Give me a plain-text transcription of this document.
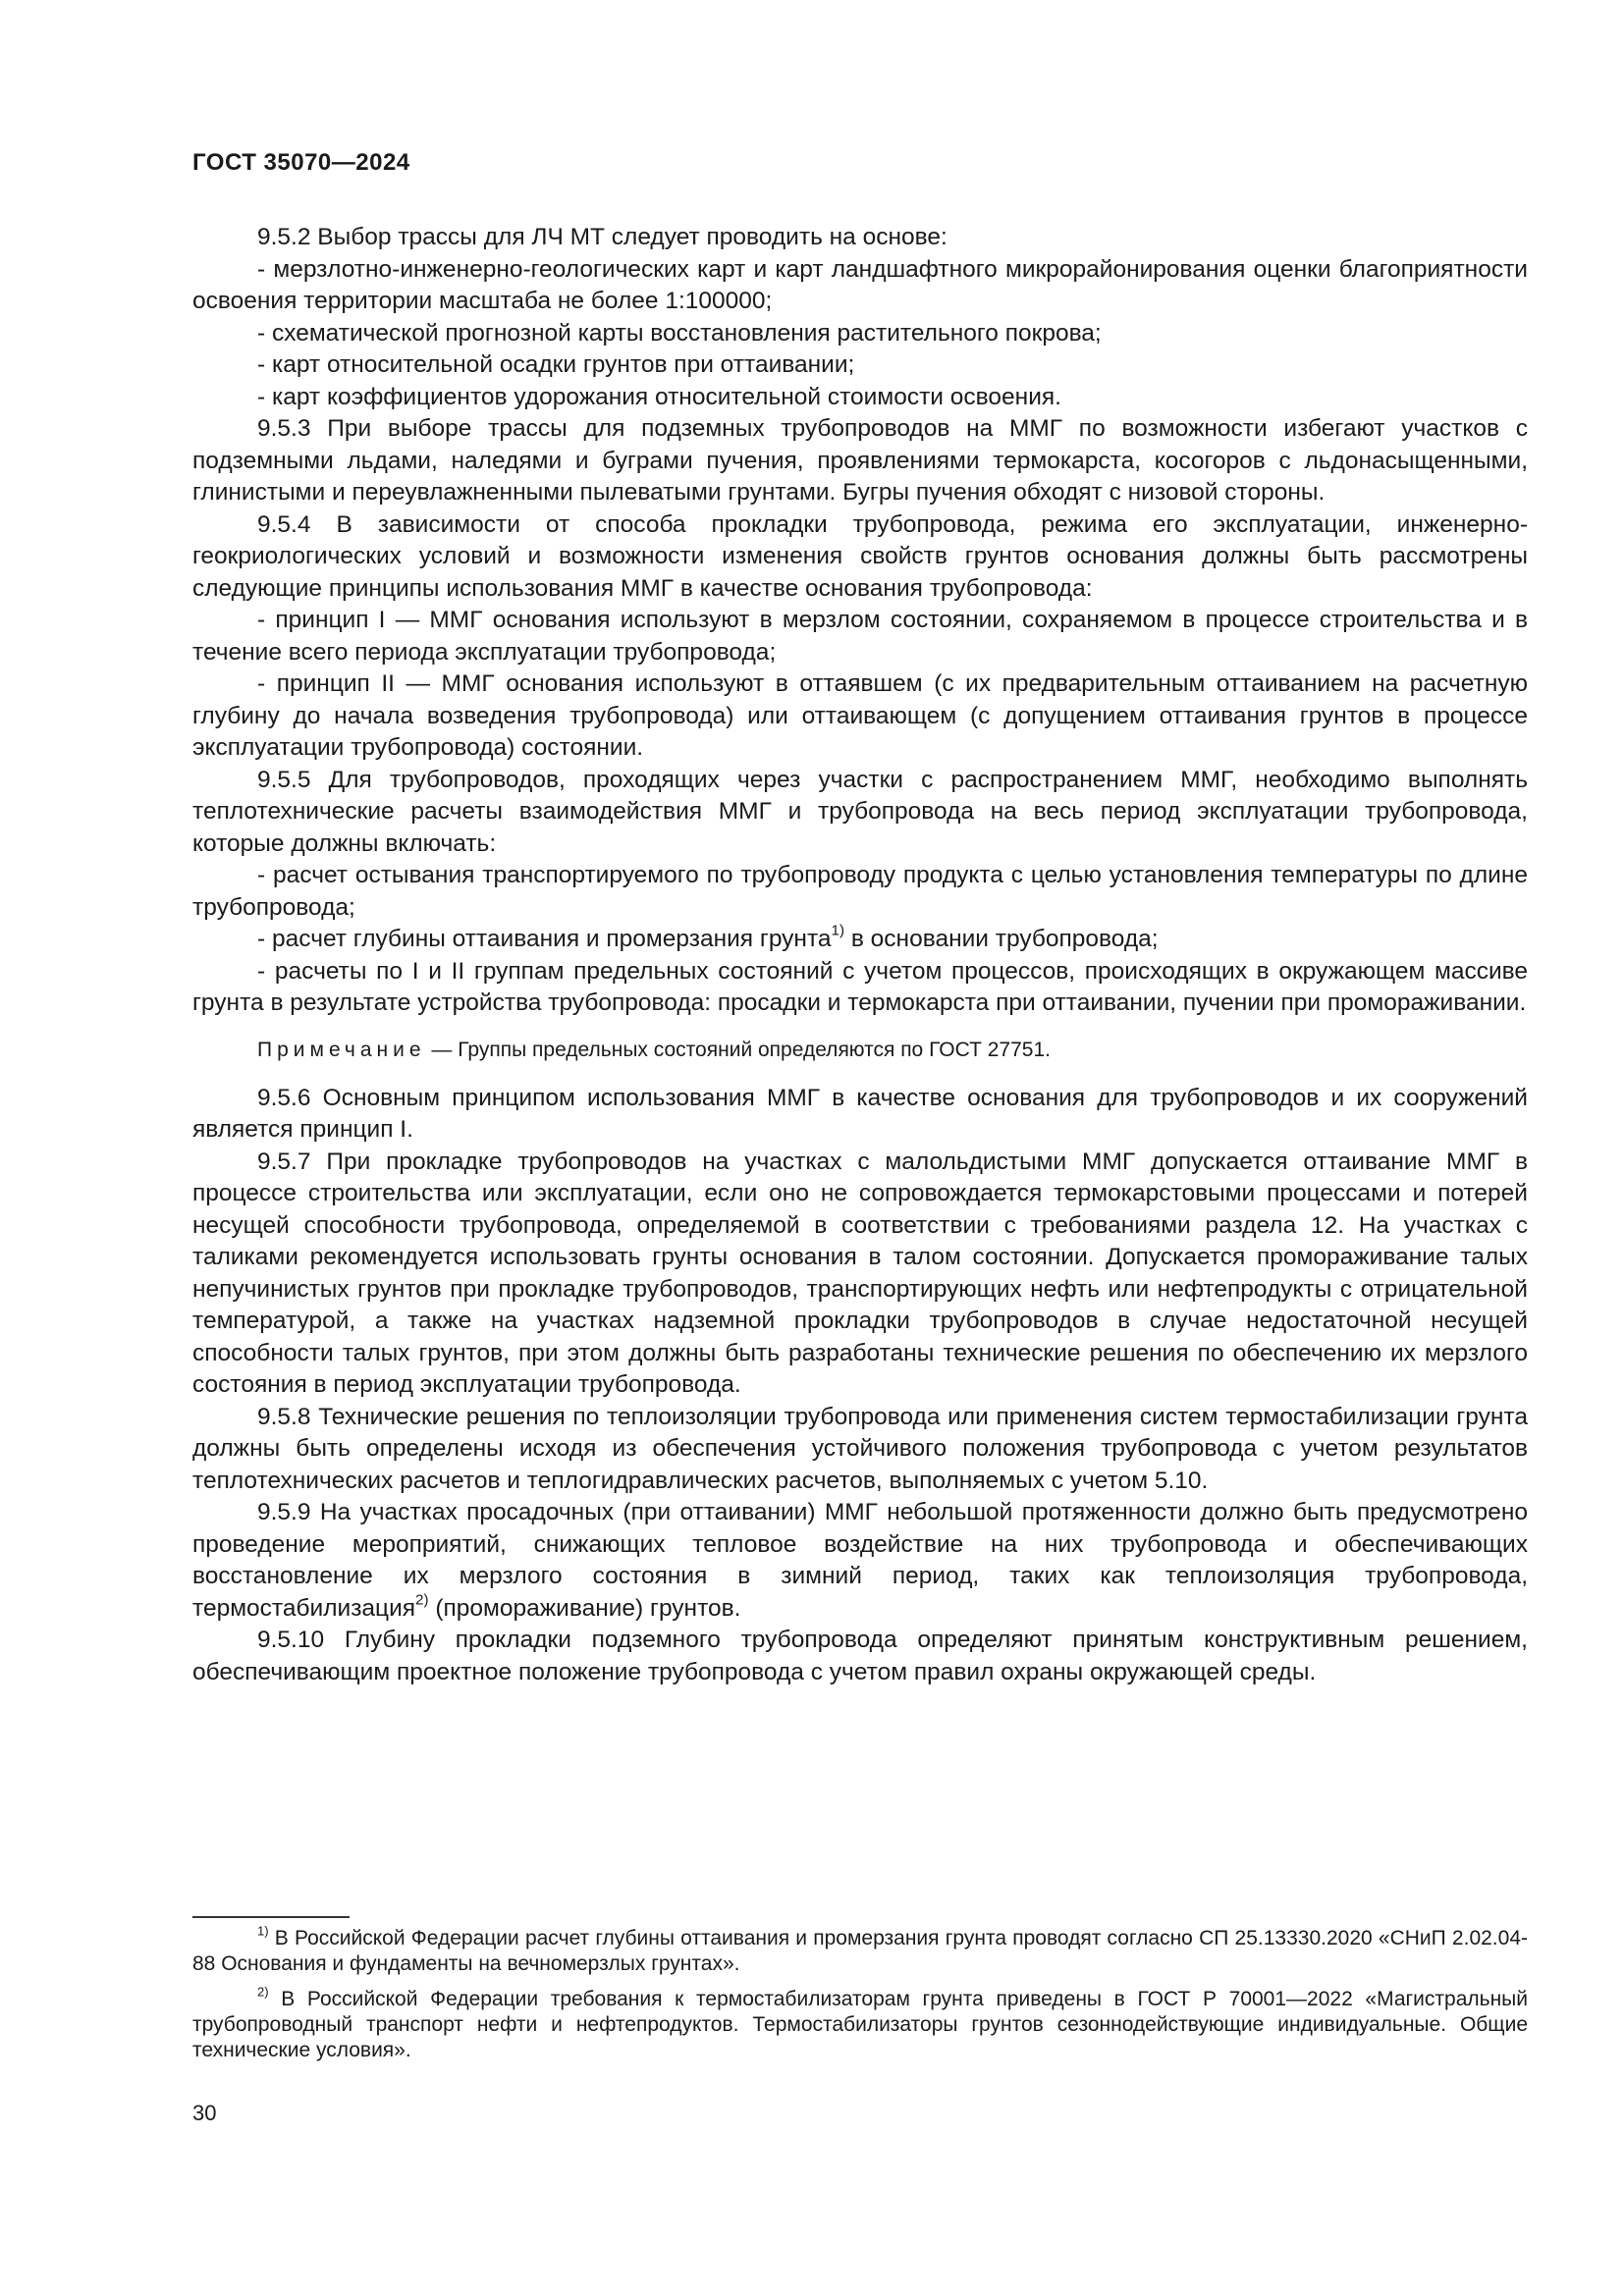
ГОСТ 35070—2024

9.5.2 Выбор трассы для ЛЧ МТ следует проводить на основе:

- мерзлотно-инженерно-геологических карт и карт ландшафтного микрорайонирования оценки благоприятности освоения территории масштаба не более 1:100000;

- схематической прогнозной карты восстановления растительного покрова;

- карт относительной осадки грунтов при оттаивании;

- карт коэффициентов удорожания относительной стоимости освоения.

9.5.3 При выборе трассы для подземных трубопроводов на ММГ по возможности избегают участков с подземными льдами, наледями и буграми пучения, проявлениями термокарста, косогоров с льдонасыщенными, глинистыми и переувлажненными пылеватыми грунтами. Бугры пучения обходят с низовой стороны.

9.5.4 В зависимости от способа прокладки трубопровода, режима его эксплуатации, инженерно-геокриологических условий и возможности изменения свойств грунтов основания должны быть рассмотрены следующие принципы использования ММГ в качестве основания трубопровода:

- принцип I — ММГ основания используют в мерзлом состоянии, сохраняемом в процессе строительства и в течение всего периода эксплуатации трубопровода;

- принцип II — ММГ основания используют в оттаявшем (с их предварительным оттаиванием на расчетную глубину до начала возведения трубопровода) или оттаивающем (с допущением оттаивания грунтов в процессе эксплуатации трубопровода) состоянии.

9.5.5 Для трубопроводов, проходящих через участки с распространением ММГ, необходимо выполнять теплотехнические расчеты взаимодействия ММГ и трубопровода на весь период эксплуатации трубопровода, которые должны включать:

- расчет остывания транспортируемого по трубопроводу продукта с целью установления температуры по длине трубопровода;

- расчет глубины оттаивания и промерзания грунта$^{1)}$ в основании трубопровода;

- расчеты по I и II группам предельных состояний с учетом процессов, происходящих в окружающем массиве грунта в результате устройства трубопровода: просадки и термокарста при оттаивании, пучении при промораживании.

Примечание — Группы предельных состояний определяются по ГОСТ 27751.

9.5.6 Основным принципом использования ММГ в качестве основания для трубопроводов и их сооружений является принцип I.

9.5.7 При прокладке трубопроводов на участках с малольдистыми ММГ допускается оттаивание ММГ в процессе строительства или эксплуатации, если оно не сопровождается термокарстовыми процессами и потерей несущей способности трубопровода, определяемой в соответствии с требованиями раздела 12. На участках с таликами рекомендуется использовать грунты основания в талом состоянии. Допускается промораживание талых непучинистых грунтов при прокладке трубопроводов, транспортирующих нефть или нефтепродукты с отрицательной температурой, а также на участках надземной прокладки трубопроводов в случае недостаточной несущей способности талых грунтов, при этом должны быть разработаны технические решения по обеспечению их мерзлого состояния в период эксплуатации трубопровода.

9.5.8 Технические решения по теплоизоляции трубопровода или применения систем термостабилизации грунта должны быть определены исходя из обеспечения устойчивого положения трубопровода с учетом результатов теплотехнических расчетов и теплогидравлических расчетов, выполняемых с учетом 5.10.

9.5.9 На участках просадочных (при оттаивании) ММГ небольшой протяженности должно быть предусмотрено проведение мероприятий, снижающих тепловое воздействие на них трубопровода и обеспечивающих восстановление их мерзлого состояния в зимний период, таких как теплоизоляция трубопровода, термостабилизация$^{2)}$ (промораживание) грунтов.

9.5.10 Глубину прокладки подземного трубопровода определяют принятым конструктивным решением, обеспечивающим проектное положение трубопровода с учетом правил охраны окружающей среды.

$^{1)}$ В Российской Федерации расчет глубины оттаивания и промерзания грунта проводят согласно СП 25.13330.2020 «СНиП 2.02.04-88 Основания и фундаменты на вечномерзлых грунтах».

$^{2)}$ В Российской Федерации требования к термостабилизаторам грунта приведены в ГОСТ Р 70001—2022 «Магистральный трубопроводный транспорт нефти и нефтепродуктов. Термостабилизаторы грунтов сезоннодействующие индивидуальные. Общие технические условия».

30
